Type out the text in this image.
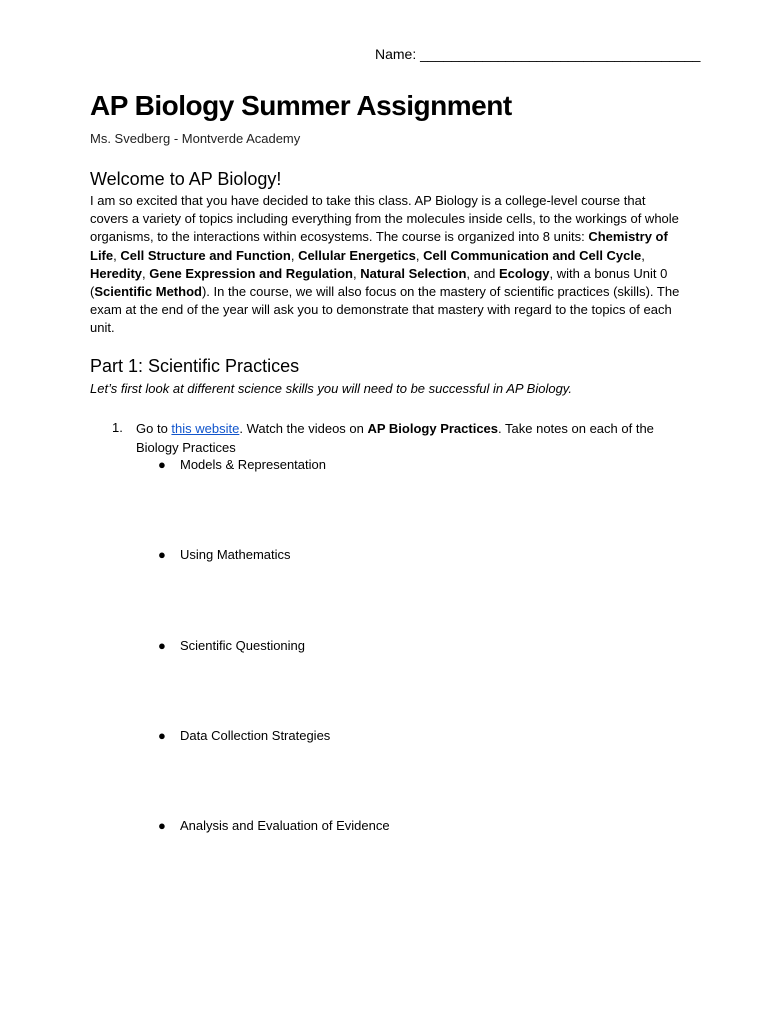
Name: ____________________________________
AP Biology Summer Assignment
Ms. Svedberg - Montverde Academy
Welcome to AP Biology!

I am so excited that you have decided to take this class. AP Biology is a college-level course that covers a variety of topics including everything from the molecules inside cells, to the workings of whole organisms, to the interactions within ecosystems. The course is organized into 8 units: Chemistry of Life, Cell Structure and Function, Cellular Energetics, Cell Communication and Cell Cycle, Heredity, Gene Expression and Regulation, Natural Selection, and Ecology, with a bonus Unit 0 (Scientific Method). In the course, we will also focus on the mastery of scientific practices (skills). The exam at the end of the year will ask you to demonstrate that mastery with regard to the topics of each unit.

Part 1: Scientific Practices
Let’s first look at different science skills you will need to be successful in AP Biology.
1. Go to this website. Watch the videos on AP Biology Practices. Take notes on each of the Biology Practices

● Models & Representation
● Using Mathematics
● Scientific Questioning
● Data Collection Strategies
● Analysis and Evaluation of Evidence
